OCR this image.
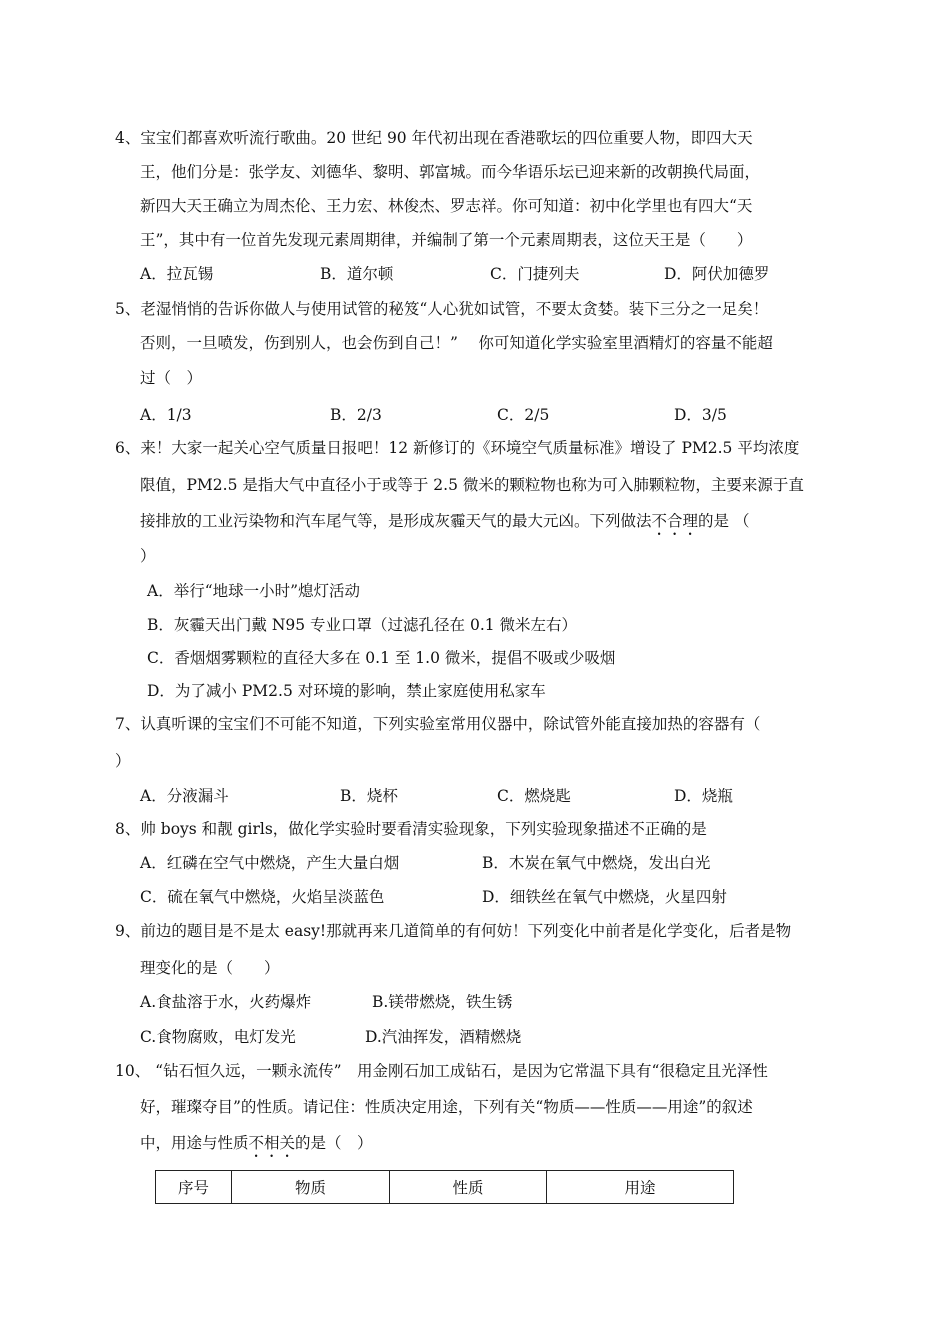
4、宝宝们都喜欢听流行歌曲。20 世纪 90 年代初出现在香港歌坛的四位重要人物，即四大天
王，他们分是：张学友、刘德华、黎明、郭富城。而今华语乐坛已迎来新的改朝换代局面，
新四大天王确立为周杰伦、王力宏、林俊杰、罗志祥。你可知道：初中化学里也有四大“天
王”，其中有一位首先发现元素周期律，并编制了第一个元素周期表，这位天王是（　　）
A．拉瓦锡	B．道尔顿	C．门捷列夫	D．阿伏加德罗
5、老湿悄悄的告诉你做人与使用试管的秘笈“人心犹如试管，不要太贪婪。装下三分之一足矣！
否则，一旦喷发，伤到别人，也会伤到自己！”　 你可知道化学实验室里酒精灯的容量不能超
过（　）
A．1/3	B．2/3	C．2/5	D．3/5
6、来！大家一起关心空气质量日报吧！12 新修订的《环境空气质量标准》增设了 PM2.5 平均浓度
限值，PM2.5 是指大气中直径小于或等于 2.5 微米的颗粒物也称为可入肺颗粒物，主要来源于直
接排放的工业污染物和汽车尾气等，是形成灰霾天气的最大元凶。下列做法不合理的是 （
）
A．举行“地球一小时”熄灯活动
B．灰霾天出门戴 N95 专业口罩（过滤孔径在 0.1 微米左右）
C．香烟烟雾颗粒的直径大多在 0.1 至 1.0 微米，提倡不吸或少吸烟
D．为了减小 PM2.5 对环境的影响，禁止家庭使用私家车
7、认真听课的宝宝们不可能不知道，下列实验室常用仪器中，除试管外能直接加热的容器有（
）
A．分液漏斗	B．烧杯	C．燃烧匙	D．烧瓶
8、帅 boys 和靓 girls，做化学实验时要看清实验现象，下列实验现象描述不正确的是
A．红磷在空气中燃烧，产生大量白烟	B．木炭在氧气中燃烧，发出白光
C．硫在氧气中燃烧，火焰呈淡蓝色	D．细铁丝在氧气中燃烧，火星四射
9、前边的题目是不是太 easy!那就再来几道简单的有何妨！下列变化中前者是化学变化，后者是物
理变化的是（　　）
A.食盐溶于水，火药爆炸	B.镁带燃烧，铁生锈
C.食物腐败，电灯发光	D.汽油挥发，酒精燃烧
10、 “钻石恒久远，一颗永流传”　用金刚石加工成钻石，是因为它常温下具有“很稳定且光泽性
好，璀璨夺目”的性质。请记住：性质决定用途，下列有关“物质——性质——用途”的叙述
中，用途与性质不相关的是（　）
序号	物质	性质	用途
